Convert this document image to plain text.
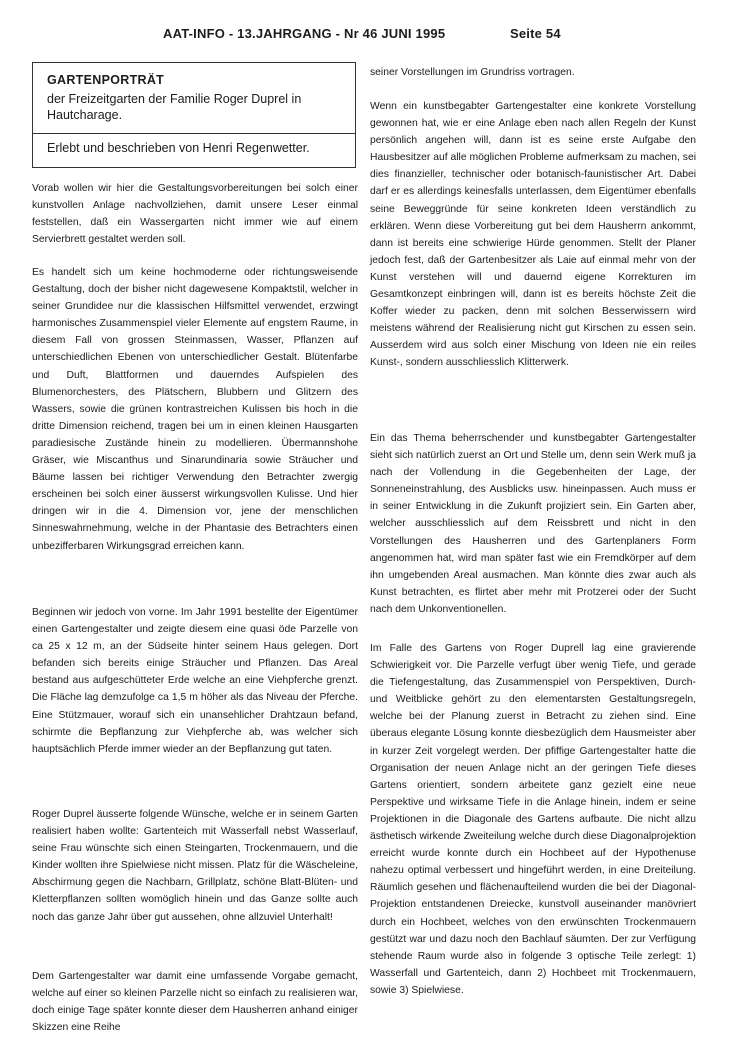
AAT-INFO - 13.JAHRGANG - Nr 46 JUNI 1995	Seite 54
GARTENPORTRÄT
der Freizeitgarten der Familie Roger Duprel in Hautcharage.
Erlebt und beschrieben von Henri Regenwetter.

Vorab wollen wir hier die Gestaltungsvorbereitungen bei solch einer kunstvollen Anlage nachvollziehen, damit unsere Leser einmal feststellen, daß ein Wassergarten nicht immer wie auf einem Servierbrett gestaltet werden soll.

Es handelt sich um keine hochmoderne oder richtungsweisende Gestaltung, doch der bisher nicht dagewesene Kompaktstil, welcher in seiner Grundidee nur die klassischen Hilfsmittel verwendet, erzwingt harmonisches Zusammenspiel vieler Elemente auf engstem Raume, in diesem Fall von grossen Steinmassen, Wasser, Pflanzen auf unterschiedlichen Ebenen von unterschiedlicher Gestalt. Blütenfarbe und Duft, Blattformen und dauerndes Aufspielen des Blumenorchesters, des Plätschern, Blubbern und Glitzern des Wassers, sowie die grünen kontrastreichen Kulissen bis hoch in die dritte Dimension reichend, tragen bei um in einen kleinen Hausgarten paradiesische Zustände hinein zu modellieren. Übermannshohe Gräser, wie Miscanthus und Sinarundinaria sowie Sträucher und Bäume lassen bei richtiger Verwendung den Betrachter zwergig erscheinen bei solch einer äusserst wirkungsvollen Kulisse. Und hier dringen wir in die 4. Dimension vor, jene der menschlichen Sinneswahrnehmung, welche in der Phantasie des Betrachters einen unbezifferbaren Wirkungsgrad erreichen kann.

Beginnen wir jedoch von vorne. Im Jahr 1991 bestellte der Eigentümer einen Gartengestalter und zeigte diesem eine quasi öde Parzelle von ca 25 x 12 m, an der Südseite hinter seinem Haus gelegen. Dort befanden sich bereits einige Sträucher und Pflanzen. Das Areal bestand aus aufgeschütteter Erde welche an eine Viehpferche grenzt. Die Fläche lag demzufolge ca 1,5 m höher als das Niveau der Pferche. Eine Stützmauer, worauf sich ein unansehlicher Drahtzaun befand, schirmte die Bepflanzung zur Viehpferche ab, was welcher sich hauptsächlich Pferde immer wieder an der Bepflanzung gut taten.

Roger Duprel äusserte folgende Wünsche, welche er in seinem Garten realisiert haben wollte: Gartenteich mit Wasserfall nebst Wasserlauf, seine Frau wünschte sich einen Steingarten, Trockenmauern, und die Kinder wollten ihre Spielwiese nicht missen. Platz für die Wäscheleine, Abschirmung gegen die Nachbarn, Grillplatz, schöne Blatt-Blüten- und Kletterpflanzen sollten womöglich hinein und das Ganze sollte auch noch das ganze Jahr über gut aussehen, ohne allzuviel Unterhalt!

Dem Gartengestalter war damit eine umfassende Vorgabe gemacht, welche auf einer so kleinen Parzelle nicht so einfach zu realisieren war, doch einige Tage später konnte dieser dem Hausherren anhand einiger Skizzen eine Reihe

seiner Vorstellungen im Grundriss vortragen.

Wenn ein kunstbegabter Gartengestalter eine konkrete Vorstellung gewonnen hat, wie er eine Anlage eben nach allen Regeln der Kunst persönlich angehen will, dann ist es seine erste Aufgabe den Hausbesitzer auf alle möglichen Probleme aufmerksam zu machen, sei dies finanzieller, technischer oder botanisch-faunistischer Art. Dabei darf er es allerdings keinesfalls unterlassen, dem Eigentümer ebenfalls seine Beweggründe für seine konkreten Ideen verständlich zu erklären. Wenn diese Vorbereitung gut bei dem Hausherrn ankommt, dann ist bereits eine schwierige Hürde genommen. Stellt der Planer jedoch fest, daß der Gartenbesitzer als Laie auf einmal mehr von der Kunst verstehen will und dauernd eigene Korrekturen im Gesamtkonzept einbringen will, dann ist es bereits höchste Zeit die Koffer wieder zu packen, denn mit solchen Besserwissern wird meistens während der Realisierung nicht gut Kirschen zu essen sein. Ausserdem wird aus solch einer Mischung von Ideen nie ein reiles Kunst-, sondern ausschliesslich Klitterwerk.

Ein das Thema beherrschender und kunstbegabter Gartengestalter sieht sich natürlich zuerst an Ort und Stelle um, denn sein Werk muß ja nach der Vollendung in die Gegebenheiten der Lage, der Sonneneinstrahlung, des Ausblicks usw. hineinpassen. Auch muss er in seiner Entwicklung in die Zukunft projiziert sein. Ein Garten aber, welcher ausschliesslich auf dem Reissbrett und nicht in den Vorstellungen des Hausherren und des Gartenplaners Form angenommen hat, wird man später fast wie ein Fremdkörper auf dem ihn umgebenden Areal ausmachen. Man könnte dies zwar auch als Kunst betrachten, es flirtet aber mehr mit Protzerei oder der Sucht nach dem Unkonventionellen.

Im Falle des Gartens von Roger Duprell lag eine gravierende Schwierigkeit vor. Die Parzelle verfugt über wenig Tiefe, und gerade die Tiefengestaltung, das Zusammenspiel von Perspektiven, Durch- und Weitblicke gehört zu den elementarsten Gestaltungsregeln, welche bei der Planung zuerst in Betracht zu ziehen sind. Eine überaus elegante Lösung konnte diesbezüglich dem Hausmeister aber in kurzer Zeit vorgelegt werden. Der pfiffige Gartengestalter hatte die Organisation der neuen Anlage nicht an der geringen Tiefe dieses Gartens orientiert, sondern arbeitete ganz gezielt eine neue Perspektive und wirksame Tiefe in die Anlage hinein, indem er seine Projektionen in die Diagonale des Gartens aufbaute. Die nicht allzu ästhetisch wirkende Zweiteilung welche durch diese Diagonalprojektion erreicht wurde konnte durch ein Hochbeet auf der Hypothenuse nahezu optimal verbessert und hingeführt werden, in eine Dreiteilung. Räumlich gesehen und flächenaufteilend wurden die bei der Diagonal-Projektion entstandenen Dreiecke, kunstvoll auseinander manövriert durch ein Hochbeet, welches von den erwünschten Trockenmauern gestützt war und dazu noch den Bachlauf säumten. Der zur Verfügung stehende Raum wurde also in folgende 3 optische Teile zerlegt: 1) Wasserfall und Gartenteich, dann 2) Hochbeet mit Trockenmauern, sowie 3) Spielwiese.
